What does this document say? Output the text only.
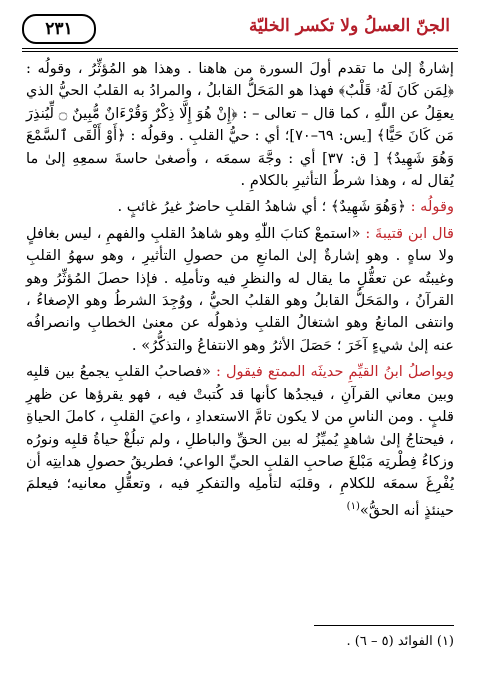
٢٣١	الجنّ العسلُ ولا تكسر الخليّة

إشارةٌ إلىٰ ما تقدم أولَ السورة من هاهنا . وهذا هو المُؤثِّرُ ، وقولُه : ﴿لِمَن كَانَ لَهُۥ قَلْبٌ﴾ فهذا هو المَحَلُّ القابلُ ، والمرادُ به القلبُ الحيُّ الذي يعقِلُ عن اللّٰهِ ، كما قال – تعالى – : ﴿إِنْ هُوَ إِلَّا ذِكْرٌ وَقُرْءَانٌ مُّبِينٌ ۝ لِّيُنذِرَ مَن كَانَ حَيًّا﴾ [يس: ٦٩–٧٠]؛ أي : حيُّ القلبِ . وقولُه : ﴿أَوْ أَلْقَى ٱلسَّمْعَ وَهُوَ شَهِيدٌ﴾ [ ق: ٣٧] أي : وجَّهَ سمعَه ، وأصغىٰ حاسةَ سمعِهِ إلىٰ ما يُقال له ، وهذا شرطُ التأثيرِ بالكلامِ .

وقولُه : ﴿وَهُوَ شَهِيدٌ﴾ ؛ أي شاهدُ القلبِ حاضرٌ غيرُ غائبٍ .

قال ابن قتيبةَ : «استمعْ كتابَ اللّٰهِ وهو شاهدُ القلبِ والفهمِ ، ليس بغافلٍ ولا ساهٍ . وهو إشارةٌ إلىٰ المانعِ من حصولِ التأثيرِ ، وهو سهوُ القلبِ وغيبتُه عن تعقُّلِ ما يقال له والنظرِ فيه وتأملِه . فإذا حصلَ المُؤثِّرُ وهو القرآنُ ، والمَحَلُّ القابلُ وهو القلبُ الحيُّ ، ووُجِدَ الشرطُ وهو الإصغاءُ ، وانتفى المانعُ وهو اشتغالُ القلبِ وذهولُه عن معنىٰ الخطابِ وانصرافُه عنه إلىٰ شيءٍ آخَرَ ؛ حَصَلَ الأثرُ وهو الانتفاعُ والتذكُّرُ» .

ويواصلُ ابنُ القيِّمِ حديثَه الممتع فيقول : «فصاحبُ القلبِ يجمعُ بين قلبِه وبين معاني القرآنِ ، فيجدُها كأنها قد كُتبتْ فيه ، فهو يقرؤها عن ظهرِ قلبٍ . ومن الناسِ من لا يكون تامَّ الاستعدادِ ، واعيَ القلبِ ، كاملَ الحياةِ ، فيحتاجُ إلىٰ شاهدٍ يُميِّزُ له بين الحقِّ والباطلِ ، ولم تبلُغْ حياةُ قلبِه ونورُه وزكاءُ فِطْرتِه مَبْلغَ صاحبِ القلبِ الحيِّ الواعي؛ فطريقُ حصولِ هدايتِه أن يُفْرِغَ سمعَه للكلامِ ، وقلبَه لتأملِه والتفكرِ فيه ، وتعقُّلِ معانيه؛ فيعلمَ حينئذٍ أنه الحقُّ»$^{(١)}$

(١) الفوائد (٥ – ٦) .
